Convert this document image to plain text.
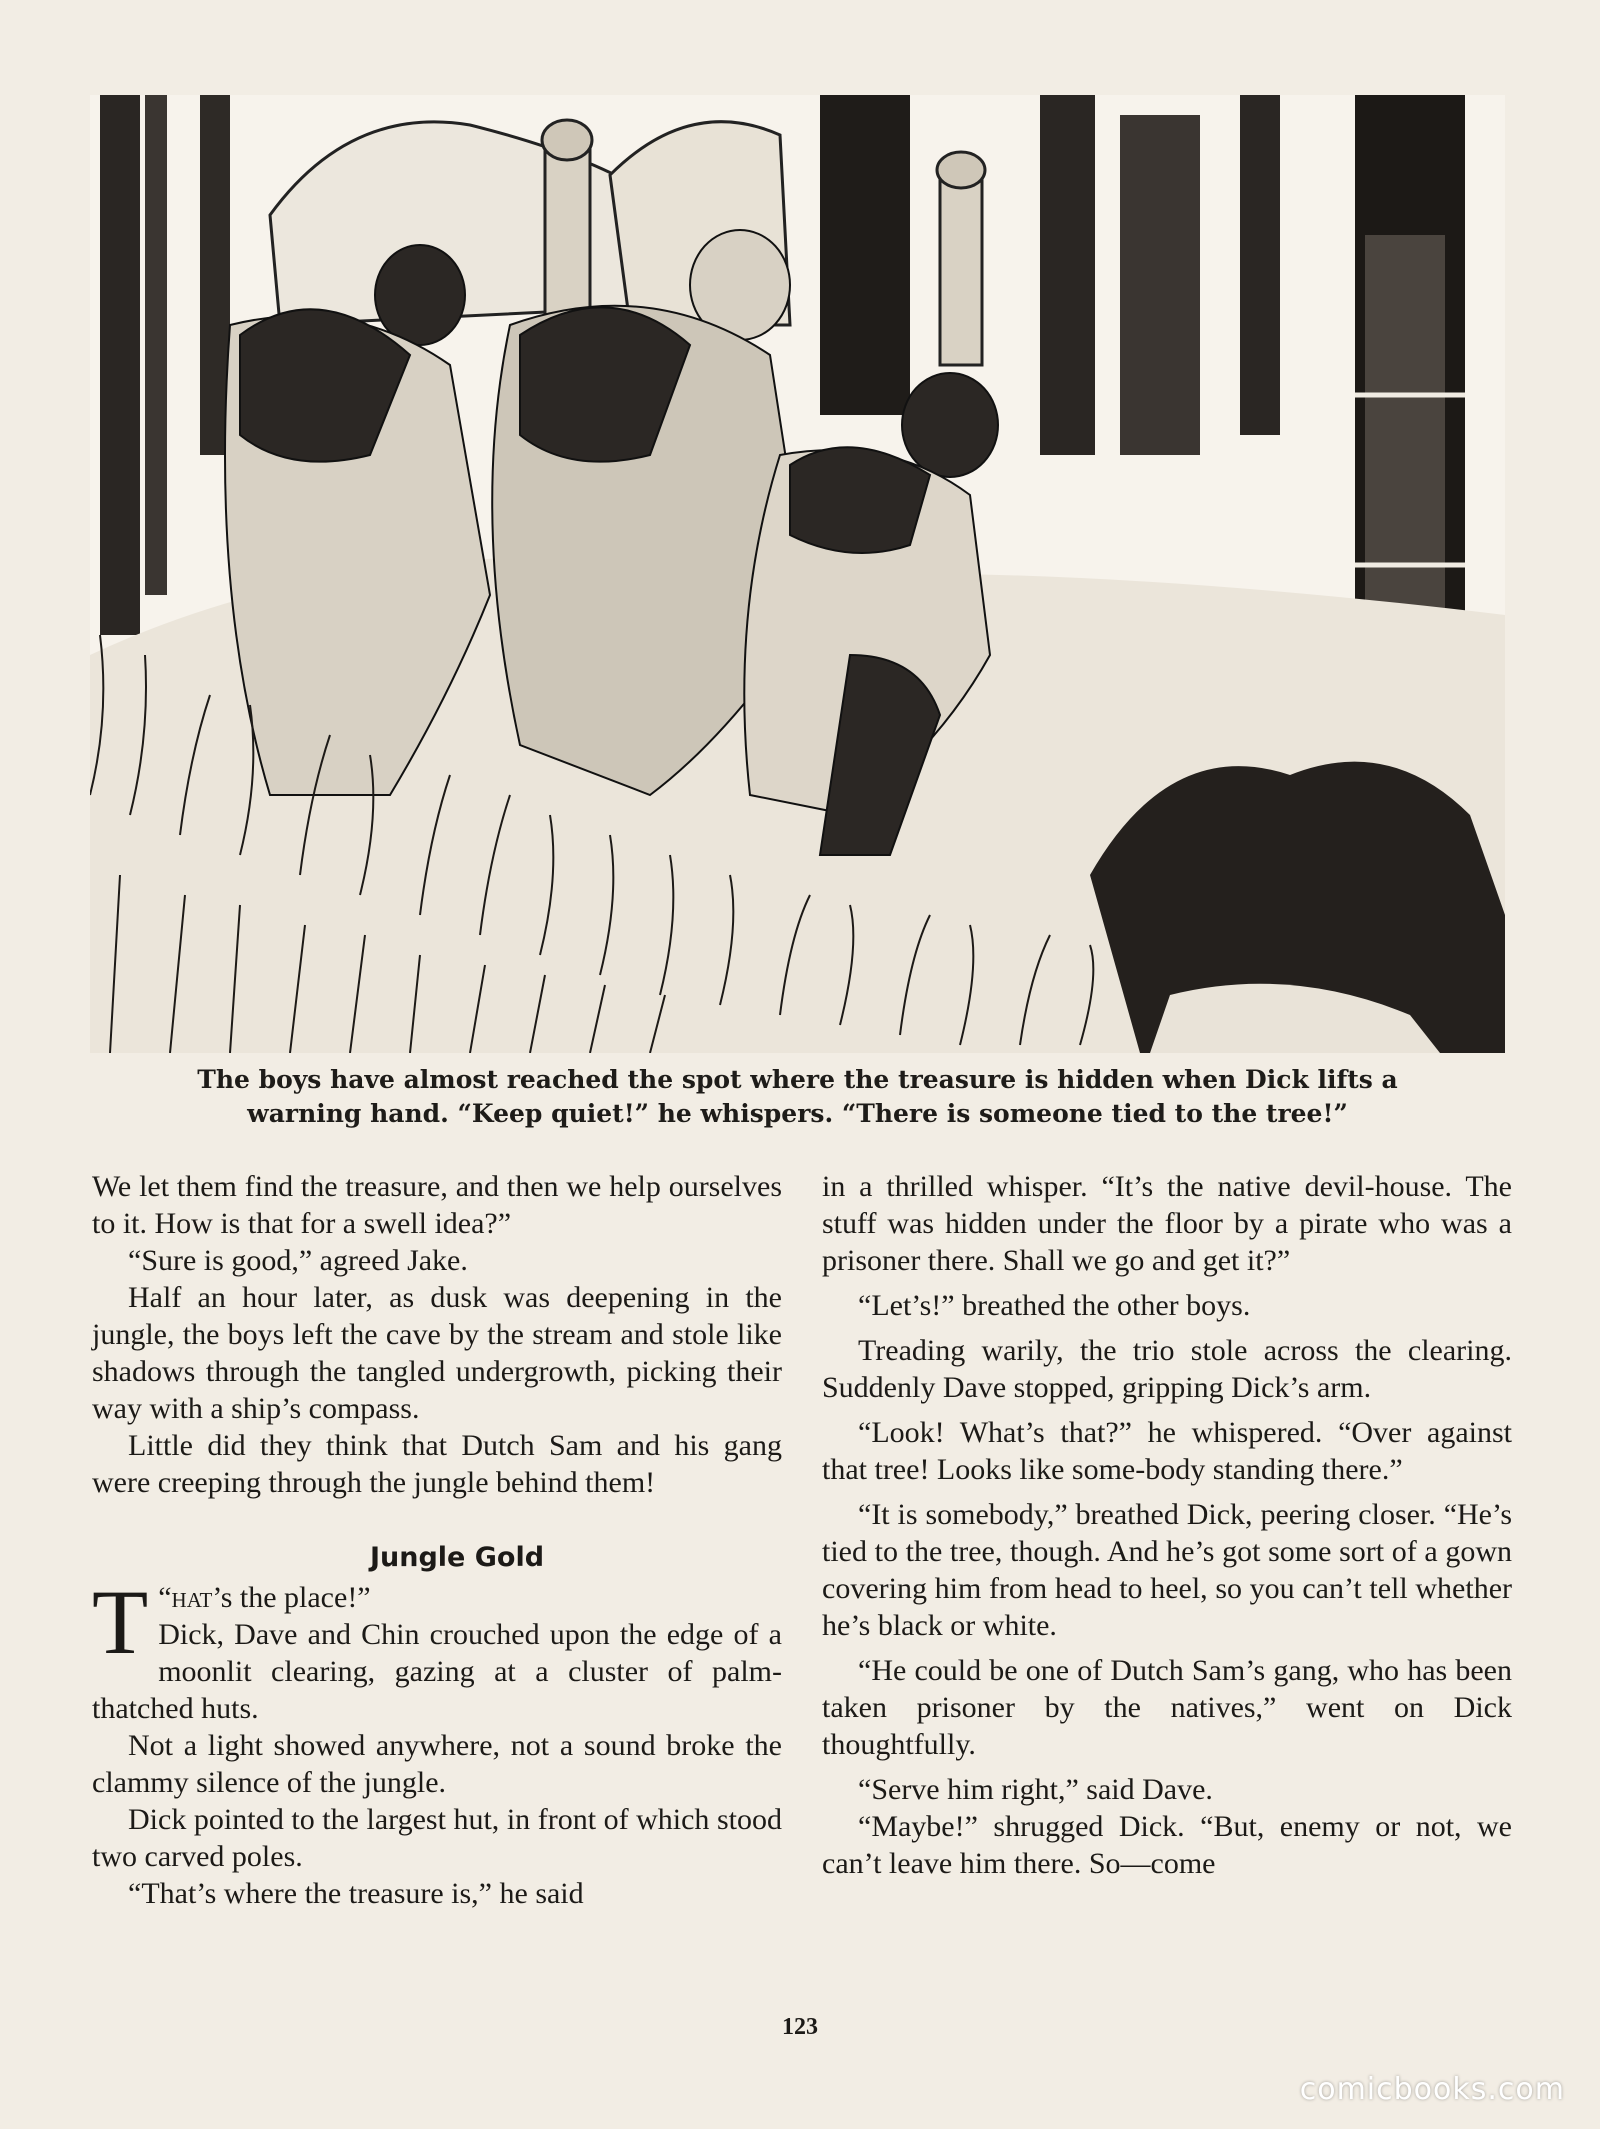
The boys have almost reached the spot where the treasure is hidden when Dick lifts a

warning hand. “Keep quiet!” he whispers. “There is someone tied to the tree!”

We let them find the treasure, and then we help ourselves to it. How is that for a swell idea?”

“Sure is good,” agreed Jake.

Half an hour later, as dusk was deepening in the jungle, the boys left the cave by the stream and stole like shadows through the tangled undergrowth, picking their way with a ship’s compass.

Little did they think that Dutch Sam and his gang were creeping through the jungle behind them!

Jungle Gold

“
T hat’s the place!”
Dick, Dave and Chin crouched upon the edge of a moonlit clearing, gazing at a cluster of palm-thatched huts.

Not a light showed anywhere, not a sound broke the clammy silence of the jungle.

Dick pointed to the largest hut, in front of which stood two carved poles.

“That’s where the treasure is,” he said

in a thrilled whisper. “It’s the native devil-house. The stuff was hidden under the floor by a pirate who was a prisoner there. Shall we go and get it?”

“Let’s!” breathed the other boys.

Treading warily, the trio stole across the clearing. Suddenly Dave stopped, gripping Dick’s arm.

“Look! What’s that?” he whispered. “Over against that tree! Looks like some-body standing there.”

“It is somebody,” breathed Dick, peering closer. “He’s tied to the tree, though. And he’s got some sort of a gown covering him from head to heel, so you can’t tell whether he’s black or white.

“He could be one of Dutch Sam’s gang, who has been taken prisoner by the natives,” went on Dick thoughtfully.

“Serve him right,” said Dave.

“Maybe!” shrugged Dick. “But, enemy or not, we can’t leave him there. So—come

123
comicbooks.com
